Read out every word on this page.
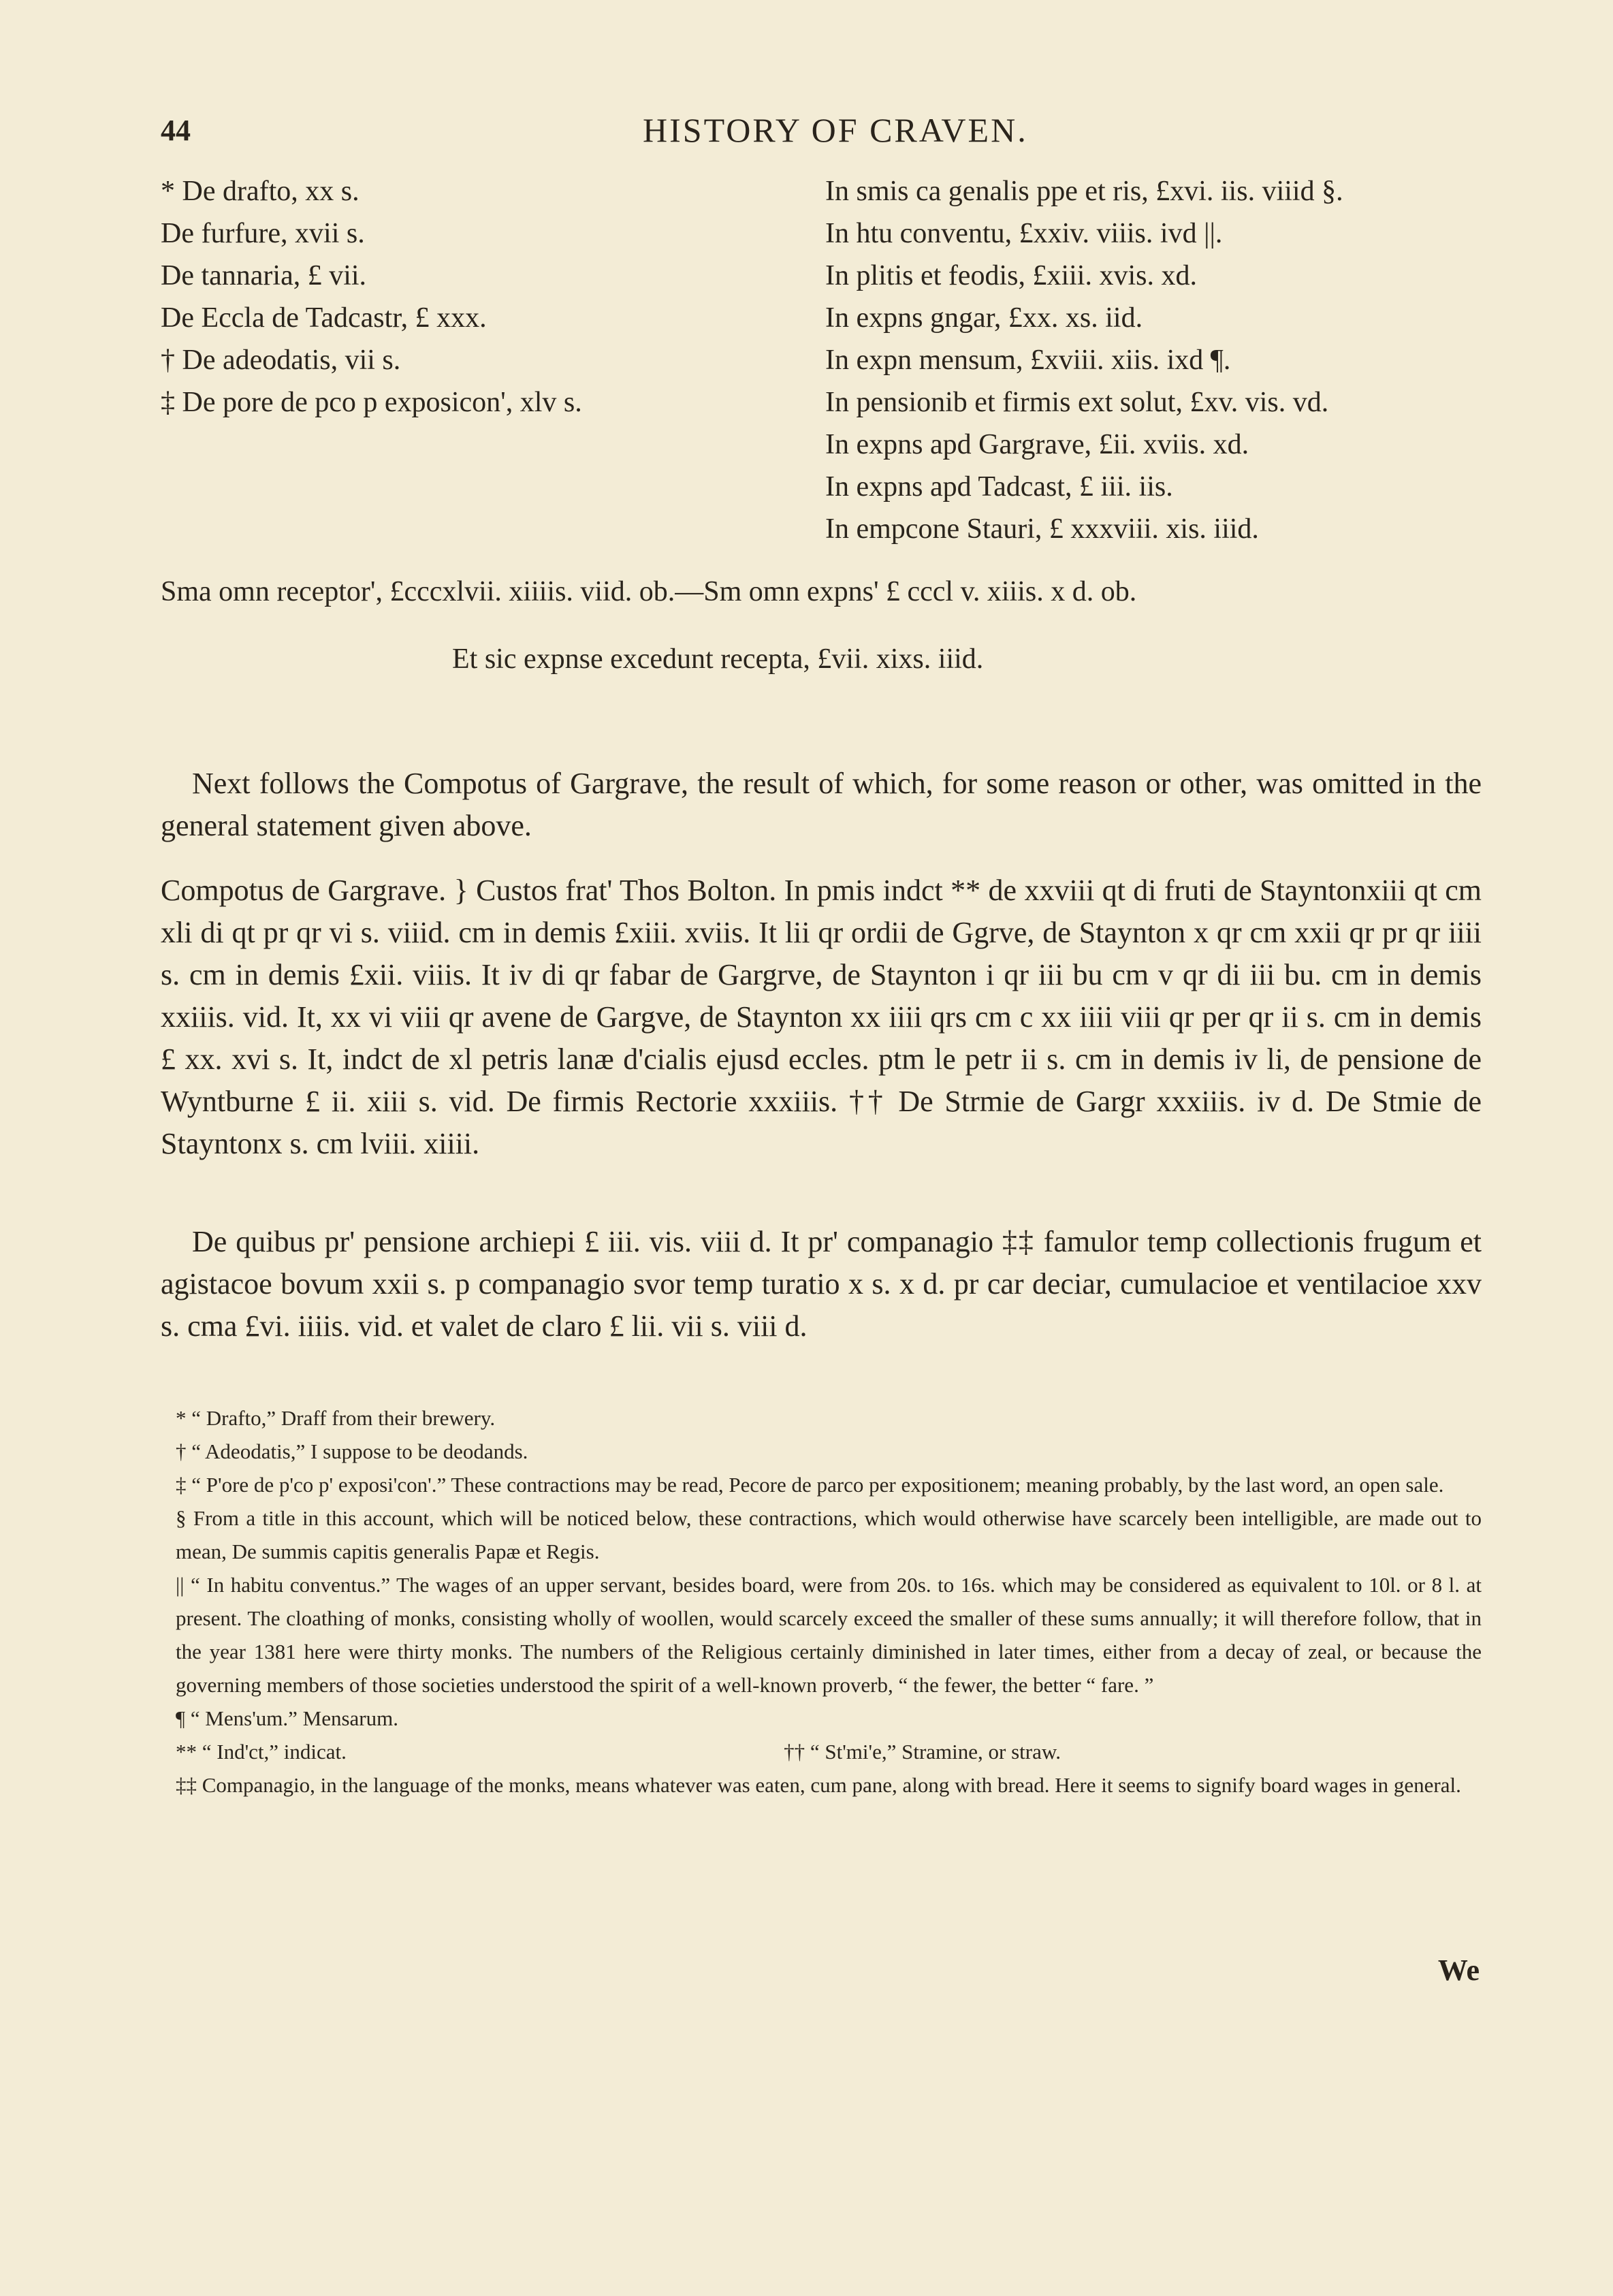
44	HISTORY OF CRAVEN.
* De drafto, xx s.
De furfure, xvii s.
De tannaria, £ vii.
De Eccla de Tadcastr, £ xxx.
† De adeodatis, vii s.
‡ De pore de pco p exposicon', xlv s.
In smis ca genalis ppe et ris, £xvi. iis. viiid §.
In htu conventu, £xxiv. viiis. ivd ||.
In plitis et feodis, £xiii. xvis. xd.
In expns gngar, £xx. xs. iid.
In expn mensum, £xviii. xiis. ixd ¶.
In pensionib et firmis ext solut, £xv. vis. vd.
In expns apd Gargrave, £ii. xviis. xd.
In expns apd Tadcast, £ iii. iis.
In empcone Stauri, £ xxxviii. xis. iiid.
Sma omn receptor', £cccxlvii. xiiiis. viid. ob.—Sm omn expns' £ cccl v. xiiis. x d. ob.
Et sic expnse excedunt recepta, £vii. xixs. iiid.

Next follows the Compotus of Gargrave, the result of which, for some reason or other, was omitted in the general statement given above.

Compotus de Gargrave. } Custos frat' Thos Bolton. In pmis indct ** de xxviii qt di fruti de Stayntonxiii qt cm xli di qt pr qr vi s. viiid. cm in demis £xiii. xviis. It lii qr ordii de Ggrve, de Staynton x qr cm xxii qr pr qr iiii s. cm in demis £xii. viiis. It iv di qr fabar de Gargrve, de Staynton i qr iii bu cm v qr di iii bu. cm in demis xxiiis. vid. It, xx vi viii qr avene de Gargve, de Staynton xx iiii qrs cm c xx iiii viii qr per qr ii s. cm in demis £ xx. xvi s. It, indct de xl petris lanæ d'cialis ejusd eccles. ptm le petr ii s. cm in demis iv li, de pensione de Wyntburne £ ii. xiii s. vid. De firmis Rectorie xxxiiis. †† De Strmie de Gargr xxxiiis. iv d. De Stmie de Stayntonx s. cm lviii. xiiii.

De quibus pr' pensione archiepi £ iii. vis. viii d. It pr' companagio ‡‡ famulor temp collectionis frugum et agistacoe bovum xxii s. p companagio svor temp turatio x s. x d. pr car deciar, cumulacioe et ventilacioe xxv s. cma £vi. iiiis. vid. et valet de claro £ lii. vii s. viii d.

* “ Drafto,” Draff from their brewery.

† “ Adeodatis,” I suppose to be deodands.

‡ “ P'ore de p'co p' exposi'con'.” These contractions may be read, Pecore de parco per expositionem; meaning probably, by the last word, an open sale.

§ From a title in this account, which will be noticed below, these contractions, which would otherwise have scarcely been intelligible, are made out to mean, De summis capitis generalis Papæ et Regis.

|| “ In habitu conventus.” The wages of an upper servant, besides board, were from 20s. to 16s. which may be considered as equivalent to 10l. or 8 l. at present. The cloathing of monks, consisting wholly of woollen, would scarcely exceed the smaller of these sums annually; it will therefore follow, that in the year 1381 here were thirty monks. The numbers of the Religious certainly diminished in later times, either from a decay of zeal, or because the governing members of those societies understood the spirit of a well-known proverb, “ the fewer, the better “ fare. ”

¶ “ Mens'um.” Mensarum.

** “ Ind'ct,” indicat.	†† “ St'mi'e,” Stramine, or straw.

‡‡ Companagio, in the language of the monks, means whatever was eaten, cum pane, along with bread. Here it seems to signify board wages in general.

We
